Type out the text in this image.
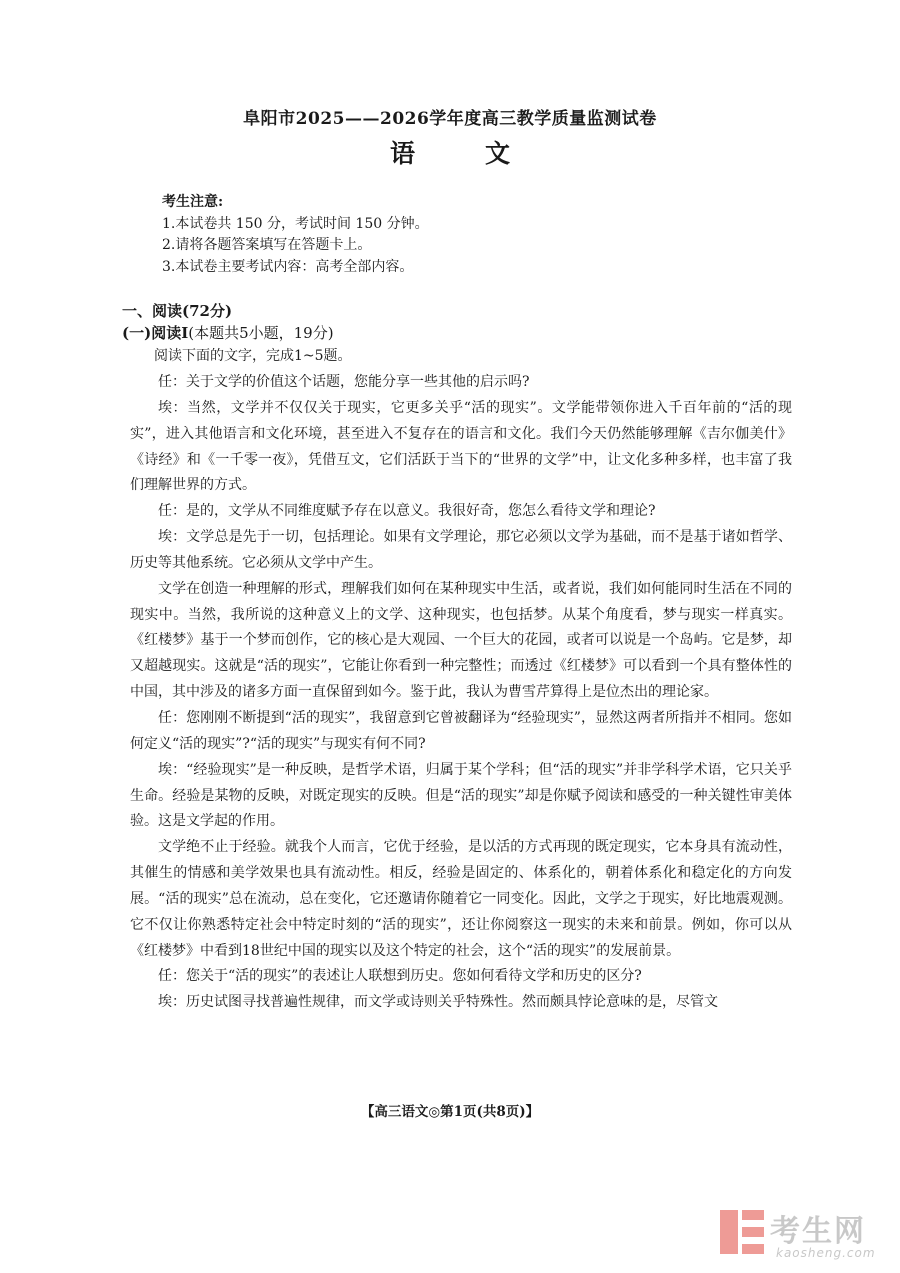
阜阳市2025——2026学年度高三教学质量监测试卷
语文
考生注意:
1.本试卷共 150 分，考试时间 150 分钟。
2.请将各题答案填写在答题卡上。
3.本试卷主要考试内容：高考全部内容。
一、阅读(72分)
(一)阅读Ⅰ(本题共5小题，19分)
阅读下面的文字，完成1~5题。

任：关于文学的价值这个话题，您能分享一些其他的启示吗?

埃：当然，文学并不仅仅关于现实，它更多关乎“活的现实”。文学能带领你进入千百年前的“活的现实”，进入其他语言和文化环境，甚至进入不复存在的语言和文化。我们今天仍然能够理解《吉尔伽美什》《诗经》和《一千零一夜》，凭借互文，它们活跃于当下的“世界的文学”中，让文化多种多样，也丰富了我们理解世界的方式。

任：是的，文学从不同维度赋予存在以意义。我很好奇，您怎么看待文学和理论?

埃：文学总是先于一切，包括理论。如果有文学理论，那它必须以文学为基础，而不是基于诸如哲学、历史等其他系统。它必须从文学中产生。

文学在创造一种理解的形式，理解我们如何在某种现实中生活，或者说，我们如何能同时生活在不同的现实中。当然，我所说的这种意义上的文学、这种现实，也包括梦。从某个角度看，梦与现实一样真实。《红楼梦》基于一个梦而创作，它的核心是大观园、一个巨大的花园，或者可以说是一个岛屿。它是梦，却又超越现实。这就是“活的现实”，它能让你看到一种完整性；而透过《红楼梦》可以看到一个具有整体性的中国，其中涉及的诸多方面一直保留到如今。鉴于此，我认为曹雪芹算得上是位杰出的理论家。

任：您刚刚不断提到“活的现实”，我留意到它曾被翻译为“经验现实”，显然这两者所指并不相同。您如何定义“活的现实”?“活的现实”与现实有何不同?

埃：“经验现实”是一种反映，是哲学术语，归属于某个学科；但“活的现实”并非学科学术语，它只关乎生命。经验是某物的反映，对既定现实的反映。但是“活的现实”却是你赋予阅读和感受的一种关键性审美体验。这是文学起的作用。

文学绝不止于经验。就我个人而言，它优于经验，是以活的方式再现的既定现实，它本身具有流动性，其催生的情感和美学效果也具有流动性。相反，经验是固定的、体系化的，朝着体系化和稳定化的方向发展。“活的现实”总在流动，总在变化，它还邀请你随着它一同变化。因此，文学之于现实，好比地震观测。它不仅让你熟悉特定社会中特定时刻的“活的现实”，还让你阅察这一现实的未来和前景。例如，你可以从《红楼梦》中看到18世纪中国的现实以及这个特定的社会，这个“活的现实”的发展前景。

任：您关于“活的现实”的表述让人联想到历史。您如何看待文学和历史的区分?

埃：历史试图寻找普遍性规律，而文学或诗则关乎特殊性。然而颇具悖论意味的是，尽管文

【高三语文◎第1页(共8页)】
考生网
kaosheng.com
